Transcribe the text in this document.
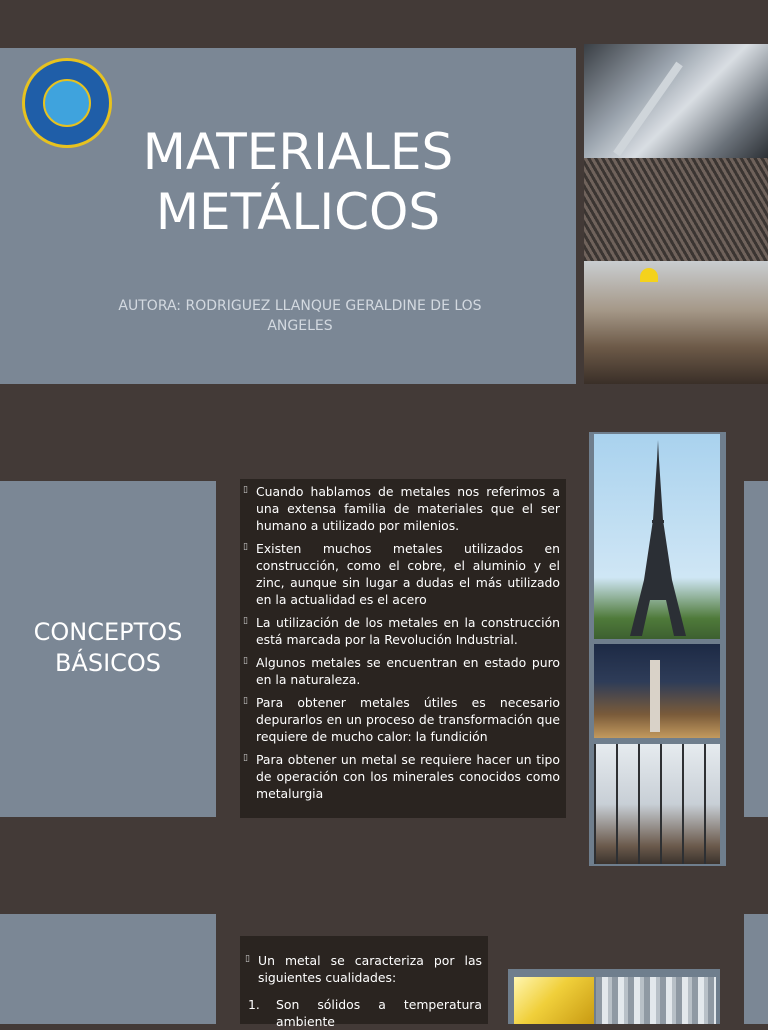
MATERIALES
METÁLICOS
AUTORA: RODRIGUEZ LLANQUE GERALDINE DE LOS ANGELES
CONCEPTOS
BÁSICOS
▯ Cuando hablamos de metales nos referimos a una extensa familia de materiales que el ser humano a utilizado por milenios.
▯ Existen muchos metales utilizados en construcción, como el cobre, el aluminio y el zinc, aunque sin lugar a dudas el más utilizado en la actualidad es el acero
▯ La utilización de los metales en la construcción está marcada por la Revolución Industrial.
▯ Algunos metales se encuentran en estado puro en la naturaleza.
▯ Para obtener metales útiles es necesario depurarlos en un proceso de transformación que requiere de mucho calor: la fundición
▯ Para obtener un metal se requiere hacer un tipo de operación con los minerales conocidos como metalurgia
▯ Un metal se caracteriza por las siguientes cualidades:
1.	Son sólidos a temperatura ambiente
